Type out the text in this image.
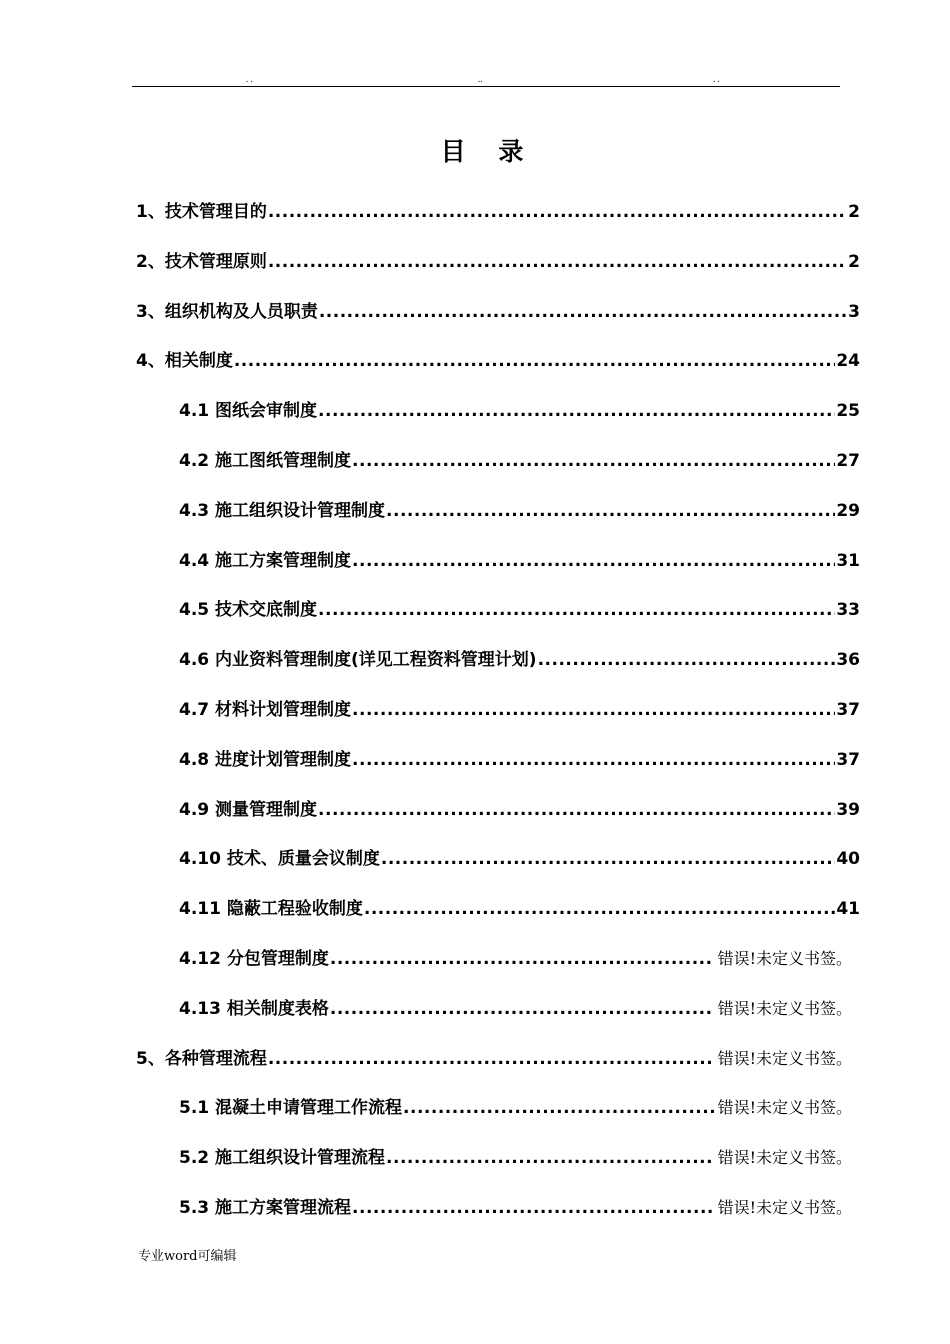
. .	..	. .
目 录
1、技术管理目的 .....	2
2、技术管理原则 .....	2
3、组织机构及人员职责 .....	3
4、相关制度 .....	24
4.1 图纸会审制度 .....	25
4.2 施工图纸管理制度 .....	27
4.3 施工组织设计管理制度 .....	29
4.4 施工方案管理制度 .....	31
4.5 技术交底制度 .....	33
4.6 内业资料管理制度(详见工程资料管理计划) .....	36
4.7 材料计划管理制度 .....	37
4.8 进度计划管理制度 .....	37
4.9 测量管理制度 .....	39
4.10 技术、质量会议制度 .....	40
4.11 隐蔽工程验收制度 .....	41
4.12 分包管理制度 .....	错误!未定义书签。
4.13 相关制度表格 .....	错误!未定义书签。
5、各种管理流程 .....	错误!未定义书签。
5.1 混凝土申请管理工作流程 .....	错误!未定义书签。
5.2 施工组织设计管理流程 .....	错误!未定义书签。
5.3 施工方案管理流程 .....	错误!未定义书签。
专业word可编辑
